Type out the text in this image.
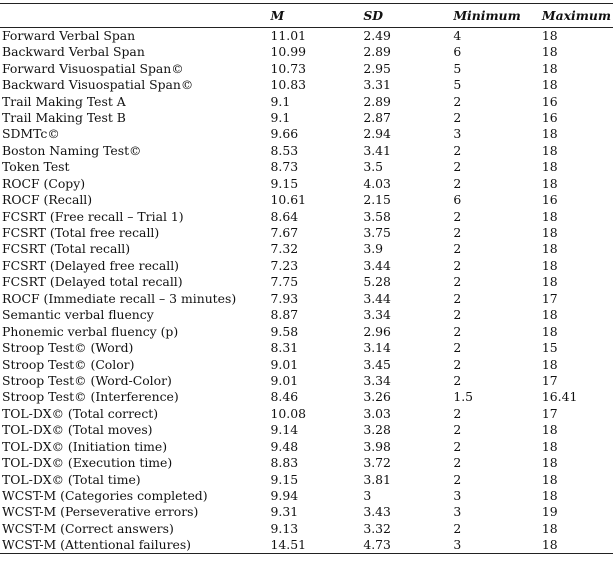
	M	SD	Minimum	Maximum
Forward Verbal Span	11.01	2.49	4	18
Backward Verbal Span	10.99	2.89	6	18
Forward Visuospatial Span©	10.73	2.95	5	18
Backward Visuospatial Span©	10.83	3.31	5	18
Trail Making Test A	9.1	2.89	2	16
Trail Making Test B	9.1	2.87	2	16
SDMTc©	9.66	2.94	3	18
Boston Naming Test©	8.53	3.41	2	18
Token Test	8.73	3.5	2	18
ROCF (Copy)	9.15	4.03	2	18
ROCF (Recall)	10.61	2.15	6	16
FCSRT (Free recall – Trial 1)	8.64	3.58	2	18
FCSRT (Total free recall)	7.67	3.75	2	18
FCSRT (Total recall)	7.32	3.9	2	18
FCSRT (Delayed free recall)	7.23	3.44	2	18
FCSRT (Delayed total recall)	7.75	5.28	2	18
ROCF (Immediate recall – 3 minutes)	7.93	3.44	2	17
Semantic verbal fluency	8.87	3.34	2	18
Phonemic verbal fluency (p)	9.58	2.96	2	18
Stroop Test© (Word)	8.31	3.14	2	15
Stroop Test© (Color)	9.01	3.45	2	18
Stroop Test© (Word-Color)	9.01	3.34	2	17
Stroop Test© (Interference)	8.46	3.26	1.5	16.41
TOL-DX© (Total correct)	10.08	3.03	2	17
TOL-DX© (Total moves)	9.14	3.28	2	18
TOL-DX© (Initiation time)	9.48	3.98	2	18
TOL-DX© (Execution time)	8.83	3.72	2	18
TOL-DX© (Total time)	9.15	3.81	2	18
WCST-M (Categories completed)	9.94	3	3	18
WCST-M (Perseverative errors)	9.31	3.43	3	19
WCST-M (Correct answers)	9.13	3.32	2	18
WCST-M (Attentional failures)	14.51	4.73	3	18
